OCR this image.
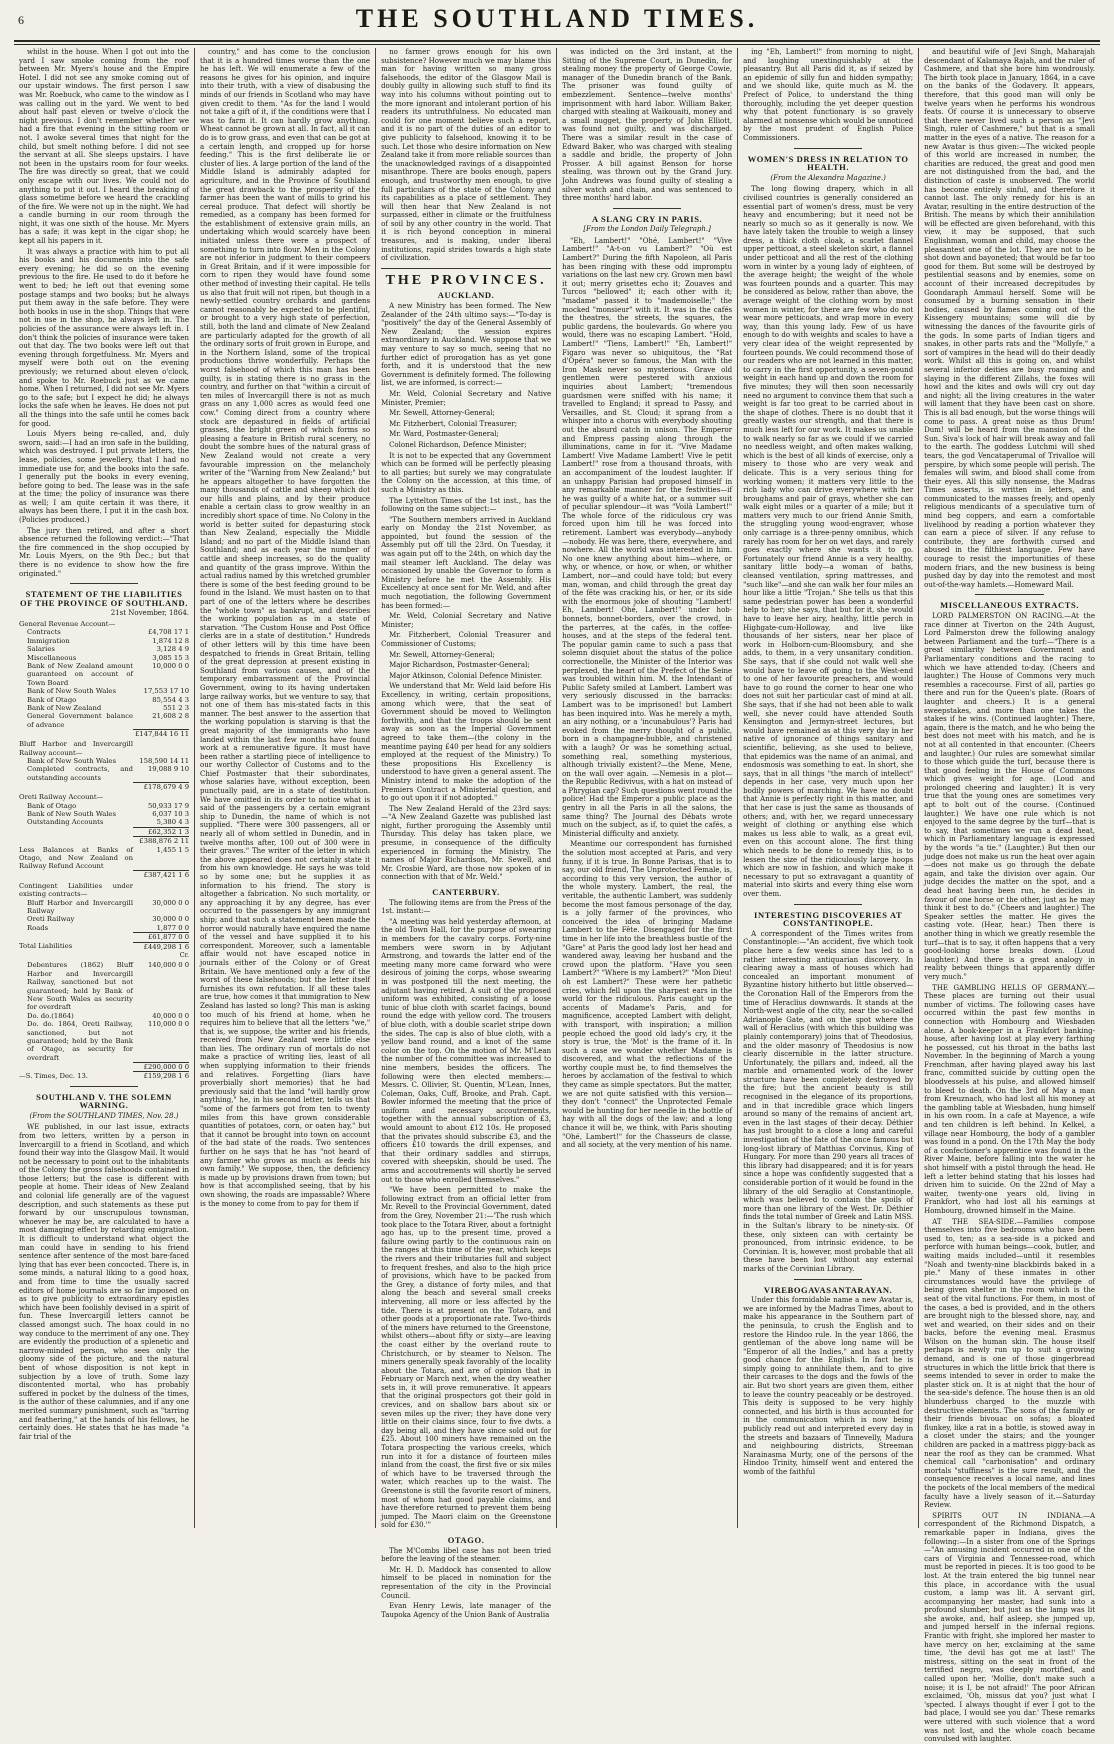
6	THE SOUTHLAND TIMES.

whilst in the house. When I got out into the yard I saw smoke coming from the roof between Mr. Myers's house and the Empire Hotel. I did not see any smoke coming out of our upstair windows. The first person I saw was Mr. Roebuck, who came to the window as I was calling out in the yard. We went to bed about half past eleven or twelve o'clock the night previous. I don't remember whether we had a fire that evening in the sitting room or not. I awoke several times that night for the child, but smelt nothing before. I did not see the servant at all. She sleeps upstairs. I have not been in the upstairs room for four weeks. The fire was directly so great, that we could only escape with our lives. We could not do anything to put it out. I heard the breaking of glass sometime before we heard the crackling of the fire. We were not up in the night. We had a candle burning in our room through the night, it was one sixth of the house. Mr. Myers has a safe; it was kept in the cigar shop; he kept all his papers in it.

It was always a practice with him to put all his books and his documents into the safe every evening; he did so on the evening previous to the fire. He used to do it before he went to bed; he left out that evening some postage stamps and two books; but he always put them away in the safe before. They were both books in use in the shop. Things that were not in use in the shop, he always left in. The policies of the assurance were always left in. I don't think the policies of insurance were taken out that day. The two books were left out that evening through forgetfulness. Mr. Myers and myself were both out on the evening previously; we returned about eleven o'clock, and spoke to Mr. Roebuck just as we came home. When I returned, I did not see Mr. Myers go to the safe; but I expect he did; he always locks the safe when he leaves. He does not put all the things into the safe until he comes back for good.

Louis Myers being re-called, and, duly sworn, said:—I had an iron safe in the building, which was destroyed. I put private letters, the lease, policies, some jewellery, that I had no immediate use for, and the books into the safe. I generally put the books in every evening, before going to bed. The lease was in the safe at the time; the policy of insurance was there as well; I am quite certain it was there, it always has been there, I put it in the cash box. (Policies produced.)

The jury then retired, and after a short absence returned the following verdict:—"That the fire commenced in the shop occupied by Mr. Louis Myers, on the 9th Dec.; but that there is no evidence to show how the fire originated."

STATEMENT OF THE LIABILITIES OF THE PROVINCE OF SOUTHLAND.
21st November, 1864.
General Revenue Account—	
Contracts	£4,708 17 1
Immigration	1,874 12 8
Salaries	3,128 4 9
Miscellaneous	3,085 15 3
Bank of New Zealand amount guaranteed on account of Town Board	10,000 0 0
Bank of New South Wales	17,553 17 10
Bank of Otago	85,554 4 3
Bank of New Zealand	551 2 3
General Government balance of advance	21,608 2 8
	£147,844 16 11
Bluff Harbor and Invercargill Railway account—	
Bank of New South Wales	158,590 14 11
Completed contracts, and outstanding accounts	19,088 9 10
	£178,679 4 9
Oreti Railway Account—	
Bank of Otago	50,933 17 9
Bank of New South Wales	6,037 10 3
Outstanding Accounts	5,380 4 3
	£62,352 1 3
	£388,876 2 11
Less Balances at Banks of Otago, and New Zealand on Railway Refund Account	1,455 1 5
	£387,421 1 6
Contingent Liabilities under existing contracts—	
Bluff Harbor and Invercargill Railway	30,000 0 0
Oreti Railway	30,000 0 0
Roads	1,877 0 0
	£61,877 0 0
Total Liabilities	£449,298 1 6
Cr.	
Debentures (1862) Bluff Harbor and Invercargill Railway, sanctioned but not guaranteed; held by Bank of New South Wales as security for overdraft	140,000 0 0
Do. do.(1864)	40,000 0 0
Do. do. 1864, Oreti Railway, sanctioned, but not guaranteed; held by the Bank of Otago, as security for overdraft	110,000 0 0
	£290,000 0 0
—S. Times, Dec. 13.	£159,298 1 6
SOUTHLAND V. THE SOLEMN WARNING.
(From the SOUTHLAND TIMES, Nov. 28.)

WE published, in our last issue, extracts from two letters, written by a person in Invercargill to a friend in Scotland, and which found their way into the Glasgow Mail. It would not be necessary to point out to the inhabitants of the Colony the gross falsehoods contained in those letters; but the case is different with people at home. Their ideas of New Zealand and colonial life generally are of the vaguest description, and such statements as these put forward by our unscrupulous townsman, whoever he may be, are calculated to have a most damaging effect by retarding emigration. It is difficult to understand what object the man could have in sending to his friend sentence after sentence of the most bare-faced lying that has ever been concocted. There is, in some minds, a natural liking to a good hoax, and from time to time the usually sacred editors of home journals are so far imposed on as to give publicity to extraordinary epistles which have been foolishly devised in a spirit of fun. These Invercargill letters cannot be classed amongst such. The hoax could in no way conduce to the merriment of any one. They are evidently the production of a splenetic and narrow-minded person, who sees only the gloomy side of the picture, and the natural bent of whose disposition is not kept in subjection by a love of truth. Some lazy discontented mortal, who has probably suffered in pocket by the dulness of the times, is the author of these calumnies, and if any one merited summary punishment, such as "tarring and feathering," at the hands of his fellows, he certainly does. He states that he has made "a fair trial of the

country," and has come to the conclusion that it is a hundred times worse than the one he has left. We will enumerate a few of the reasons he gives for his opinion, and inquire into their truth, with a view of disabusing the minds of our friends in Scotland who may have given credit to them. "As for the land I would not take a gift of it, if the conditions were that I was to farm it. It can hardly grow anything. Wheat cannot be grown at all. In fact, all it can do is to grow grass, and even that can be got at a certain length, and cropped up for horse feeding." This is the first deliberate lie or cluster of lies. A large portion of the land of the Middle Island is admirably adapted for agriculture, and in the Province of Southland the great drawback to the prosperity of the farmer has been the want of mills to grind his cereal produce. That defect will shortly be remedied, as a company has been formed for the establishment of extensive grain mills, an undertaking which would scarcely have been initiated unless there were a prospect of something to turn into flour. Men in the Colony are not inferior in judgment to their compeers in Great Britain, and if it were impossible for corn to ripen they would have found some other method of investing their capital. He tells us also that fruit will not ripen, but though in a newly-settled country orchards and gardens cannot reasonably be expected to be plentiful, or brought to a very high state of perfection, still, both the land and climate of New Zealand are particularly adapted for the growth of all the ordinary sorts of fruit grown in Europe, and in the Northern Island, some of the tropical productions thrive wonderfully. Perhaps the worst falsehood of which this man has been guilty, is in stating there is no grass in the country, and further on that "within a circuit of ten miles of Invercargill there is not as much grass on any 1,000 acres as would feed one cow." Coming direct from a country where stock are depastured in fields of artificial grasses, the bright green of which forms so pleasing a feature in British rural scenery, no doubt the sombre hues of the natural grass of New Zealand would not create a very favourable impression on the melancholy writer of the "Warning from New Zealand;" but he appears altogether to have forgotten the many thousands of cattle and sheep which dot our hills and plains, and by their produce enable a certain class to grow wealthy in an incredibly short space of time. No Colony in the world is better suited for depasturing stock than New Zealand, especially the Middle Island; and no part of the Middle Island than Southland; and as each year the number of cattle and sheep increases, so do the quality and quantity of the grass improve. Within the actual radius named by this wretched grumbler there is some of the best feeding ground to be found in the Island. We must hasten on to that part of one of the letters where he describes the "whole town" as bankrupt, and describes the working population as in a state of starvation. "The Custom House and Post Office clerks are in a state of destitution." Hundreds of other letters will by this time have been despatched to friends in Great Britain, telling of the great depression at present existing in Southland from various causes, and of the temporary embarrassment of the Provincial Government, owing to its having undertaken large railway works, but we venture to say, that not one of them has mis-stated facts in this manner. The best answer to the assertion that the working population is starving is that the great majority of the immigrants who have landed within the last few months have found work at a remunerative figure. It must have been rather a startling piece of intelligence to our worthy Collector of Customs and to the Chief Postmaster that their subordinates, whose salaries have, without exception, been punctually paid, are in a state of destitution. We have omitted in its order to notice what is said of the passengers by a certain emigrant ship to Dunedin, the name of which is not supplied. "There were 300 passengers, all or nearly all of whom settled in Dunedin, and in twelve months after, 100 out of 300 were in their graves." The writer of the letter in which the above appeared does not certainly state it from his own knowledge. He says he was told so by some one; but he supplies it as information to his friend. The story is altogether a fabrication. No such mortality, or any approaching it by any degree, has ever occurred to the passengers by any immigrant ship; and that such a statement been made the horror would naturally have enquired the name of the vessel and have supplied it to his correspondent. Moreover, such a lamentable affair would not have escaped notice in journals either of the Colony or of Great Britain. We have mentioned only a few of the worst of these falsehoods; but the letter itself furnishes its own refutation. If all these tales are true, how comes it that immigration to New Zealand has lasted so long? This man is asking too much of his friend at home, when he requires him to believe that all the letters "we," that is, we suppose, the writer and his friends, received from New Zealand were little else than lies. The ordinary run of mortals do not make a practice of writing lies, least of all when supplying information to their friends and relatives. Forgetting (liars have proverbially short memories) that he had previously said that the land "will hardly grow anything," he, in his second letter, tells us that "some of the farmers got from ten to twenty miles from this have grown considerable quantities of potatoes, corn, or oaten hay," but that it cannot be brought into town on account of the bad state of the roads. Two sentences further on he says that he has "not heard of any farmer who grows as much as feeds his own family." We suppose, then, the deficiency is made up by provisions drawn from town; but how is that accomplished seeing, that by his own showing, the roads are impassable? Where is the money to come from to pay for them if

no farmer grows enough for his own subsistence? However much we may blame this man for having written so many gross falsehoods, the editor of the Glasgow Mail is doubly guilty in allowing such stuff to find its way into his columns without pointing out to the more ignorant and intolerant portion of his readers its untruthfulness. No educated man could for one moment believe such a report, and it is no part of the duties of an editor to give publicity to falsehood, knowing it to be such. Let those who desire information on New Zealand take it from more reliable sources than the unacknowledged ravings of a disappointed misanthrope. There are books enough, papers enough, and trustworthy men enough, to give full particulars of the state of the Colony and its capabilities as a place of settlement. They will then hear that New Zealand is not surpassed, either in climate or the fruitfulness of soil by any other country in the world. That it is rich beyond conception in mineral treasures, and is making, under liberal institutions, rapid strides towards a high state of civilization.

THE PROVINCES.
AUCKLAND.

A new Ministry has been formed. The New Zealander of the 24th ultimo says:—"To-day is "positively" the day of the General Assembly of New Zealand; the session expires extraordinary in Auckland. We suppose that we may venture to say so much, seeing that no further edict of prorogation has as yet gone forth, and it is understood that the new Government is definitely formed. The following list, we are informed, is correct:—

Mr. Weld, Colonial Secretary and Native Minister, Premier;

Mr. Sewell, Attorney-General;

Mr. Fitzherbert, Colonial Treasurer;

Mr. Ward, Postmaster-General;

Colonel Richardson, Defence Minister;

It is not to be expected that any Government which can be formed will be perfectly pleasing to all parties; but surely we may congratulate the Colony on the accession, at this time, of such a Ministry as this.

The Lyttelton Times of the 1st inst., has the following on the same subject:—

"The Southern members arrived in Auckland early on Monday the 21st November, as appointed, but found the session of the Assembly put off till the 23rd. On Tuesday, it was again put off to the 24th, on which day the mail steamer left Auckland. The delay was occasioned by unable the Governor to form a Ministry before he met the Assembly. His Excellency at once sent for Mr. Weld, and after much negotiation, the following Government has been formed:—

Mr. Weld, Colonial Secretary and Native Minister;

Mr. Fitzherbert, Colonial Treasurer and Commissioner of Customs;

Mr. Sewell, Attorney-General;

Major Richardson, Postmaster-General;

Major Atkinson, Colonial Defence Minister.

We understand that Mr. Weld laid before His Excellency, in writing, certain propositions, among which were, that the seat of Government should be moved to Wellington forthwith, and that the troops should be sent away as soon as the Imperial Government agreed to take them—(the colony in the meantime paying £40 per head for any soldiers employed at the request of the Ministry.) To these propositions His Excellency is understood to have given a general assent. The Ministry intend to make the adoption of the Premiers Contract a Ministerial question, and to go out upon it if not adopted."

The New Zealand Herald of the 23rd says:—"A New Zealand Gazette was published last night, further proroguing the Assembly until Thursday. This delay has taken place, we presume, in consequence of the difficulty experienced in forming the Ministry. The names of Major Richardson, Mr. Sewell, and Mr. Crosbie Ward, are those now spoken of in connection with that of Mr. Weld."

CANTERBURY.

The following items are from the Press of the 1st. instant:—

"A meeting was held yesterday afternoon, at the old Town Hall, for the purpose of swearing in members for the cavalry corps. Forty-nine members were sworn in by Adjutant Armstrong, and towards the latter end of the meeting many more came forward who were desirous of joining the corps, whose swearing in was postponed till the next meeting, the adjutant having retired. A suit of the proposed uniform was exhibited, consisting of a loose tunic of blue cloth with scarlet facings, bound round the edge with yellow cord. The trousers of blue cloth, with a double scarlet stripe down the sides. The cap is also of blue cloth, with a yellow band round, and a knot of the same color on the top. On the motion of Mr. M'Lean the number of the committee was increased to nine members, besides the officers. The following were then elected members:—Messrs. C. Ollivier, St. Quentin, M'Lean, Innes, Coleman, Oaks, Cuff, Brooke, and Prah. Capt. Bowler informed the meeting that the price of uniform and necessary accoutrements, together with the annual subscription of £3, would amount to about £12 10s. He proposed that the privates should subscribe £3, and the officers £10 towards the drill expenses, and that their ordinary saddles and stirrups, covered with sheepskin, should be used. The arms and accoutrements will shortly be served out to those who enrolled themselves."

"We have been permitted to make the following extract from an official letter from Mr. Revell to the Provincial Government, dated from the Grey, November 21:—'The rush which took place to the Totara River, about a fortnight ago has, up to the present time, proved a failure owing partly to the continuous rain on the ranges at this time of the year, which keeps the rivers and their tributaries full and subject to frequent freshes, and also to the high price of provisions, which have to be packed from the Grey, a distance of forty miles, and that along the beach and several small creeks intervening, all more or less affected by the tide. There is at present on the Totara, and other goods at a proportionate rate. Two-thirds of the miners have returned to the Greenstone, whilst others—about fifty or sixty—are leaving the coast either by the overland route to Christchurch, or by steamer to Nelson. The miners generally speak favorably of the locality about the Totara, and are of opinion that in February or March next, when the dry weather sets in, it will prove remunerative. It appears that the original prospectors got their gold in crevices, and on shallow bars about six or seven miles up the river; they have done very little on their claims since, four to five dwts. a day being all, and they have since sold out for £25. About 100 miners have remained on the Totara prospecting the various creeks, which run into it for a distance of fourteen miles inland from the coast, the first five or six miles of which have to be traversed through the water, which reaches up to the waist. The Greenstone is still the favorite resort of miners, most of whom had good payable claims, and have therefore returned to prevent them being jumped. The Maori claim on the Greenstone sold for £30.'"

OTAGO.

The M'Combs libel case has not been tried before the leaving of the steamer.

Mr. H. D. Maddock has consented to allow himself to be placed in nomination for the representation of the city in the Provincial Council.

Evan Henry Lewis, late manager of the Taupoka Agency of the Union Bank of Australia

was indicted on the 3rd instant, at the Sitting of the Supreme Court, in Dunedin, for stealing money the property of George Cowie, manager of the Dunedin branch of the Bank. The prisoner was found guilty of embezzlement. Sentence—twelve months' imprisonment with hard labor. William Baker, charged with stealing at Waikouaiti, money and a small nugget, the property of John Elliott, was found not guilty, and was discharged. There was a similar result in the case of Edward Baker, who was charged with stealing a saddle and bridle, the property of John Prosser. A bill against Benson for horse stealing, was thrown out by the Grand Jury. John Andrews was found guilty of stealing a silver watch and chain, and was sentenced to three months' hard labor.

A SLANG CRY IN PARIS.
[From the London Daily Telegraph.]

"Eh, Lambert!" "Ohé, Lambert!" "Vive Lambert!" "A-t-on vu Lambert?" "Où est Lambert?" During the fifth Napoleon, all Paris has been ringing with these odd impromptu variations on the last new cry. Grown men bawl it out; merry grisettes echo it; Zouaves and Turcos "bellowed" it; each other with it; "madame" passed it to "mademoiselle;" the mocked "monsieur" with it. It was in the cafés the theatres, the streets, the squares, the public gardens, the boulevards. Go where you would, there was no escaping Lambert. "Hold, Lambert!" "Tiens, Lambert!" "Eh, Lambert!" Figaro was never so ubiquitous, the "Rat d'Opéra" never so famous, the Man with the Iron Mask never so mysterious. Grave old gentlemen were pestered with anxious inquiries about Lambert; "tremendous guardsmen were sniffed with his name; it travelled to England; it spread to Passy, and Versailles, and St. Cloud; it sprang from a whisper into a chorus with everybody shouting out the absurd catch in unison. The Emperor and Empress passing along through the illuminations, came in for it. "Vive Madame Lambert! Vive Madame Lambert! Vive le petit Lambert!" rose from a thousand throats, with an accompaniment of the loudest laughter. If an unhappy Parisian had proposed himself in any remarkable manner for the festivities—if he was guilty of a white hat, or a summer suit of peculiar splendour—it was "Voilà Lambert!" The whole force of the ridiculous cry was forced upon him till he was forced into retirement. Lambert was everybody—anybody—nobody. He was here, there, everywhere, and nowhere. All the world was interested in him. No one knew anything about him—where, or why, or whence, or how, or when, or whither Lambert, nor—and could have told; but every man, woman, and child through the great day of the fête was cracking his, or her, or its side with the enormous joke of shouting "Lambert! Eh, Lambert! Ohé, Lambert!" under hob-bonnets, bonnet-borders, over the crowd, in the parterres, at the cafés, in the coffee-houses, and at the steps of the federal tent. The popular gamin came to such a pass that solemn disquiet about the status of the police correctionelle, the Minister of the Interior was perplexed, the heart of the Prefect of the Seine was troubled within him. M. the Intendant of Public Safety smiled at Lambert. Lambert was very seriously discussed in the barracks: Lambert was to be imprisoned! but Lambert has been inquired into. Was he merely a myth, an airy nothing, or a 'incunabulous'? Paris had evoked from the merry thought of a public, born in a champagne-bubble, and christened with a laugh? Or was he something actual, something real, something mysterious, although trivially existent?—the Mene, Mene, on the wall over again. —Nemesis in a plot—the Republic Redivivus, with a hat on instead of a Phrygian cap? Such questions went round the police! Had the Emperor a public place as the gentry in all the Paris in all the salons, the same thing? The Journal des Débats wrote much on the subject, as if, to quiet the cafés, a Ministerial difficulty and anxiety.

Meantime our correspondent has furnished the solution most accepted at Paris, and very funny, if it is true. In Bonne Parisas, that is to say, our old friend, The Unprotected Female, is, according to this very version, the author of the whole mystery. Lambert, the real, the veritable, the authentic Lambert, was suddenly become the most famous personage of the day, is a jolly farmer of the provinces, who conceived the idea of bringing Madame Lambert to the Fête. Disengaged for the first time in her life into the breathless bustle of the "Gare" at Paris the good lady lost her head and wandered away, leaving her husband and the crowd upon the platform. "Have you seen Lambert?" "Where is my Lambert?" "Mon Dieu! oh est Lambert?" These were her pathetic cries, which fell upon the sharpest ears in the world for the ridiculous. Paris caught up the accents of Madame's Paris, and for magnificence, accepted Lambert with delight, with transport, with inspiration; a million people echoed the good old lady's cry, it the story is true, the 'Mot' is the frame of it. In such a case we wonder whether Madame is discovered, and what the reflections of the worthy couple must be, to find themselves the heroes by acclamation of the festival to which they came as simple spectators. But the matter, we are not quite satisfied with this version—they don't "connect" the Unprotected Female would be hunting for her needle in the bottle of hay with all the dogs of the law; and a long chance it will be, we think, with Paris shouting "Ohé, Lambert!" for the Chasseurs de classe, and all society, at the very mention of his name.

ing "Eh, Lambert!" from morning to night, and laughing unextinguishably at the pleasantry. But all Paris did it, as if seized by an epidemic of silly fun and hidden sympathy; and we should like, quite much as M. the Prefect of Police, to understand the thing thoroughly, including the yet deeper question why that potent functionary is so gravely alarmed at nonsense which would be unnoticed by the most prudent of English Police Commissioners.

WOMEN'S DRESS IN RELATION TO HEALTH.
(From the Alexandra Magazine.)

The long flowing drapery, which in all civilised countries is generally considered an essential part of women's dress, must be very heavy and encumbering; but it need not be nearly so much so as it generally is now. We have lately taken the trouble to weigh a linsey dress, a thick cloth cloak, a scarlet flannel upper petticoat, a steel skeleton skirt, a flannel under petticoat and all the rest of the clothing worn in winter by a young lady of eighteen, of the average height; the weight of the whole was fourteen pounds and a quarter. This may be considered as below, rather than above, the average weight of the clothing worn by most women in winter, for there are few who do not wear more petticoats, and wrap more in every way, than this young lady. Few of us have enough to do with weights and scales to have a very clear idea of the weight represented by fourteen pounds. We could recommend those of our readers who are not learned in this matter, to carry in the first opportunity, a seven-pound weight in each hand up and down the room for five minutes; they will then soon necessarily need no argument to convince them that such a weight is far too great to be carried about in the shape of clothes. There is no doubt that it greatly wastes our strength, and that there is much less left for our work. It makes us unable to walk nearly so far as we could if we carried no needless weight, and often makes walking, which is the best of all kinds of exercise, only a misery to those who are very weak and delicate. This is a very serious thing for working women; it matters very little to the rich lady who can drive everywhere with her broughams and pair of grays, whether she can walk eight miles or a quarter of a mile; but it matters very much to our friend Annie Smith, the struggling young wood-engraver, whose only carriage is a three-penny omnibus, which rarely has room for her on wet days, and rarely goes exactly where she wants it to go. Fortunately our friend Annie is a very healthy, sanitary little body—a woman of baths, cleansed ventilation, spring mattresses, and "such like"—and she can walk her four miles an hour like a little "Trojan." She tells us that this same pedestrian power has been a wonderful help to her; she says, that but for it, she would have to leave her airy, healthy, little perch in Highgate-cum-Holloway, and live like thousands of her sisters, near her place of work in Holborn-cum-Bloomsbury, and she adds, to them, in a very unsanitary condition. She says, that if she could not walk well she would have to leave off going to the West-end to one of her favourite preachers, and would have to go round the corner to hear one who does not suit her particular cast of mind at all. She says, that if she had not been able to walk well, she never could have attended South Kensington and Jermyn-street lectures, but would have remained as at this very day in her native of ignorance of things sanitary and scientific, believing, as she used to believe, that epidemics was the name of an animal, and endosmosis was something to eat. In short, she says, that in all things "the march of intellect" depends in her case, very much upon her bodily powers of marching. We have no doubt that Annie is perfectly right in this matter, and that her case is just the same as thousands of others; and, with her, we regard unnecessary weight of clothing or anything else which makes us less able to walk, as a great evil, even on this account alone. The first thing which needs to be done to remedy this, is to lessen the size of the ridiculously large hoops which are now in fashion, and which make it necessary to put so extravagant a quantity of material into skirts and every thing else worn over them.

INTERESTING DISCOVERIES AT CONSTANTINOPLE.

A correspondent of the Times writes from Constantinople:—"An accident, five which took place here a few weeks since has led to a rather interesting antiquarian discovery. In clearing away a mass of houses which had concealed an important monument of Byzantine history hitherto but little observed—the Coronation Hall of the Emperors from the time of Heraclius downwards. It stands at the North-west angle of the city, near the so-called Adrianople Gate, and on the spot where the wall of Heraclius (with which this building was plainly contemporary) joins that of Theodosius, and the older masonry of Theodosius is now clearly discernible in the latter structure. Unfortunately, the pillars and, indeed, all the marble and ornamented work of the lower structure have been completely destroyed by the fire; but the ancient beauty is still recognised in the elegance of its proportions, and in that incredible grace which lingers around so many of the remains of ancient art, even in the last stages of their decay. Déthier has just brought to a close a long and careful investigation of the fate of the once famous but long-lost library of Matthias Corvinus, King of Hungary. For more than 290 years all traces of this library had disappeared; and it is for years since a hope was confidently suggested that a considerable portion of it would be found in the library of the old Seraglio at Constantinople, which was believed to contain the spoils of more than one library of the West. Dr. Déthier finds the total number of Greek and Latin MSS. in the Sultan's library to be ninety-six. Of these, only sixteen can with certainty be pronounced, from intrinsic evidence, to be Corvinian. It is, however, most probable that all these have been lost without any external marks of the Corvinian Library.

VIREBOGAVASANTARAYAN.

Under this formidable name a new Avatar is, we are informed by the Madras Times, about to make his appearance in the Southern part of the peninsula, to crush the English and to restore the Hindoo rule. In the year 1866, the gentleman of the above long name will be "Emperor of all the Indies," and has a pretty good chance for the English. In fact he is simply going to annihilate them, and to give their carcases to the dogs and the fowls of the air. But two short years are given them, either to leave the country peaceably or be destroyed. This deity is supposed to be very highly connected, and his birth is thus accounted for in the communication which is now being publicly read out and interpreted every day in the streets and bazaars of Tinnevelly, Madura and neighbouring districts, Streeman Narainasma Murty, one of the persons of the Hindoo Trinity, himself went and entered the womb of the faithful

and beautiful wife of Jevi Singh, Maharajah descendant of Kalamaya Rajah, and the ruler of Cashmere, and that she bore him wondrously. The birth took place in January, 1864, in a cave on the banks of the Godavery. It appears, therefore, that this good man will only be twelve years when he performs his wondrous feats. Of course it is unnecessary to observe that there never lived such a person as "Jevi Singh, ruler of Cashmere," but that is a small matter in the eyes of a native. The reason for a new Avatar is thus given:—The wicked people of this world are increased in number, the charities are reduced, the great and good men are not distinguished from the bad, and the distinction of caste is unobserved. The world has become entirely sinful, and therefore it cannot last. The only remedy for his is an Avatar, resulting in the entire destruction of the British. The means by which their annihilation will be effected are given beforehand, with this view, it may be supposed, that such Englishman, woman and child, may choose the pleasantest one of the lot. They are not to be shot down and bayoneted; that would be far too good for them. But some will be destroyed by pestilential seasons and by enemies, some on account of their increased decrepitudes by Goondaraph Ammaul herself. Some will be consumed by a burning sensation in their bodies, caused by flames coming out of the Kissengery mountains; some will die by witnessing the dances of the favourite girls of the gods. In some parts of Indian tigers and snakes, in other parts rats and the "Mollyfe," a sort of vampires in the head will do their deadly work. Whilst all this is going on, and whilst several inferior deities are busy roaming and slaying in the different Zillahs, the foxes will howl and the kites and owls will cry out day and night; all the living creatures in the water will lament that they have been cast on shore. This is all bad enough, but the worse things will come to pass. A great noise as thus Drum! Dum! will be heard from the mansion of the Sun. Siva's lock of hair will break away and fall to the earth. The goddess Lutchmi will shed tears, the god Vencataperumal of Trivalloe will perspire, by which some people will perish. The females will swim, and blood shall come from their eyes. All this silly nonsense, the Madras Times asserts, is written in letters, and communicated to the masses freely, and openly religious mendicants of a speculative turn of mind beg coppers, and earn a comfortable livelihood by reading a portion whatever they can earn a piece of silver. If any refuse to contribute, they are forthwith cursed and abused in the filthiest language. Few have courage to resist the importunities of these modern friars, and the new business is being pushed day by day into the remotest and most out-of-the-way hamlets.—Homeward Mail.

MISCELLANEOUS EXTRACTS.

LORD PALMERSTON ON RACING.—At the race dinner at Tiverton on the 24th August, Lord Palmerston drew the following analogy between Parliament and the turf:—"There is a great similarity between Government and Parliamentary conditions and the racing to which we have attended to-day. (Cheers and laughter.) The House of Commons very much resembles a racecourse. First of all, parties go there and run for the Queen's plate. (Roars of laughter and cheers.) It is a general sweepstakes, and more than one takes the stakes if he wins. (Continued laughter.) There, again, there is the match, and he who being the best does not meet with his match, and he is not at all contented in that encounter. (Cheers and laughter.) Our rules are somewhat similar to those which guide the turf, because there is that good feeling in the House of Commons which gives weight for age. (Loud and prolonged cheering and laughter.) It is very true that the young ones are sometimes very apt to bolt out of the course. (Continued laughter.) We have one rule which is not enjoyed to the same degree by the turf—that is to say, that sometimes we run a dead heat, which in Parliamentary language is expressed by the words "a tie." (Laughter.) But then our judge does not make us run the heat over again—does not make us go through the debate again, and take the division over again. Our judge decides the matter on the spot, and a dead heat having been run, he decides in favour of one horse or the other, just as he may think it best to do." (Cheers and laughter.) The Speaker settles the matter. He gives the casting vote. (Hear, hear.) Then there is another thing in which we greatly resemble the turf—that is to say, it often happens that a very good-looking horse breaks down. (Loud laughter.) And there is a great analogy in reality between things that apparently differ very much."

THE GAMBLING HELLS OF GERMANY.—These places are turning out their usual number of victims. The following cases have occurred within the past few months in connection with Hombourg and Wiesbaden alone. A book-keeper in a Frankfort banking-house, after having lost at play every farthing he possessed, cut his throat in the baths last November. In the beginning of March a young Frenchman, after having played away his last franc, committed suicide by cutting open the bloodvessels at his pulse, and allowed himself to bleed to death. On the 3rd of May a man from Kreuznach, who had lost all his money at the gambling table at Wiesbaden, hung himself in his own room. In a cafe at Mayence, a wife and ten children is left behind. In Kelkel, a village near Hombourg, the body of a gambler was found in a pond. On the 17th May the body of a confectioner's apprentice was found in the River Maine, before falling into the water he shot himself with a pistol through the head. He left a letter behind stating that his losses had driven him to suicide. On the 22nd of May a waiter, twenty-one years old, living in Frankfort, who had lost all his earnings at Hombourg, drowned himself in the Maine.

AT THE SEA-SIDE.—Families compose themselves into five bedrooms who have been used to, ten; as a sea-side is a picked and perforce with human beings—cook, butler, and waiting maids included—until it resembles "Noah and twenty-nine blackbirds baked in a pie." Many of these inmates in other circumstances would have the privilege of being given shelter in the room which is the seat of the vital functions. For them, in most of the cases, a bed is provided, and in the others are brought nigh to the blessed shore, nay, and wet and wearied, on their sides and on their backs, before the evening meal. Erasmus Wilson on the human skin. The house itself perhaps is newly run up to suit a growing demand, and is one of those gingerbread structures in which the little brick that there is seems intended to sever in order to make the plaster stick on. It is at night that the hour of the sea-side's defence. The house then is an old blunderbuss charged to the muzzle with destructive elements. The sons of the family or their friends bivouac on sofas; a bloated flunkey, like a rat in a bottle, is stowed away in a closet under the stairs; and the younger children are packed in a mattress piggy-back as near the roof as they can be crammed. What chemical call "carbonisation" and ordinary mortals "stuffiness" is the sure result, and the consequence receives a local name, and lines the pockets of the local members of the medical faculty have a lively season of it.—Saturday Review.

SPIRITS OUT IN INDIANA.—A correspondent of the Richmond Dispatch, a remarkable paper in Indiana, gives the following:—In a sister from one of the Springs—"An amusing incident occurred in one of the cars of Virginia and Tennessee-road, which must be reported in pieces. It is too good to be lost. At the train entered the big tunnel near this place, in accordance with the usual custom, a lamp was lit. A servant girl, accompanying her master, had sunk into a profound slumber, but just as the lamp was lit she awoke, and, half asleep, she jumped up, and jumped herself in the infernal regions. Frantic with fright, she implored her master to have mercy on her, exclaiming at the same time, 'the devil has got me at last!' The mistress, sitting on the seat in front of the terrified negro, was deeply mortified, and called upon her, 'Mollie, don't make such a noise; it is I, be not afraid!' The poor African exclaimed, 'Oh, missus dat you? just what I 'spected. I always thought if ever I got to the bad place, I would see you dar.' These remarks were uttered with such violence that a word was not lost, and the whole coach became convulsed with laughter.
